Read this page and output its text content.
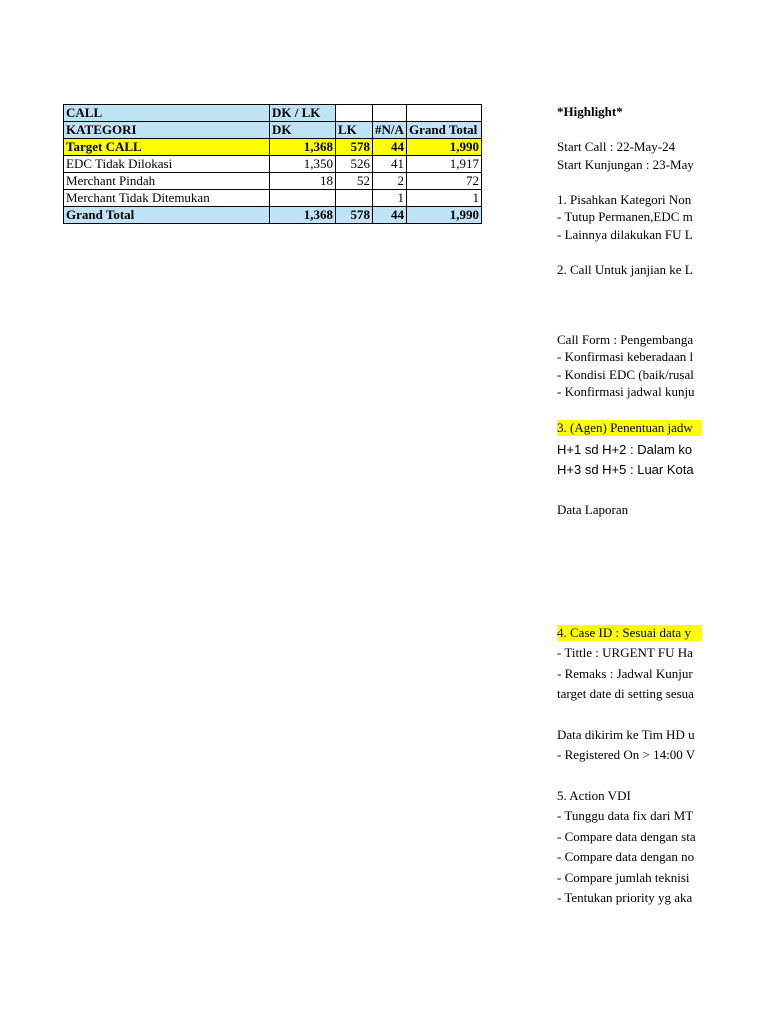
CALL	DK / LK			
KATEGORI	DK	LK	#N/A	Grand Total
Target CALL	1,368	578	44	1,990
EDC Tidak Dilokasi	1,350	526	41	1,917
Merchant Pindah	18	52	2	72
Merchant Tidak Ditemukan			1	1
Grand Total	1,368	578	44	1,990
*Highlight*
Start Call : 22-May-24
Start Kunjungan : 23-May
1. Pisahkan Kategori Non
- Tutup Permanen,EDC m
- Lainnya dilakukan FU L
2. Call Untuk janjian ke L
Call Form : Pengembanga
- Konfirmasi keberadaan l
- Kondisi EDC (baik/rusal
- Konfirmasi jadwal kunju
3. (Agen) Penentuan jadw
H+1 sd H+2 : Dalam ko
H+3 sd H+5 : Luar Kota
Data Laporan
4. Case ID : Sesuai data y
- Tittle : URGENT FU Ha
- Remaks : Jadwal Kunjur
target date di setting sesua
Data dikirim ke Tim HD u
- Registered On > 14:00 V
5. Action VDI
- Tunggu data fix dari MT
- Compare data dengan sta
- Compare data dengan no
- Compare jumlah teknisi
- Tentukan priority yg aka
